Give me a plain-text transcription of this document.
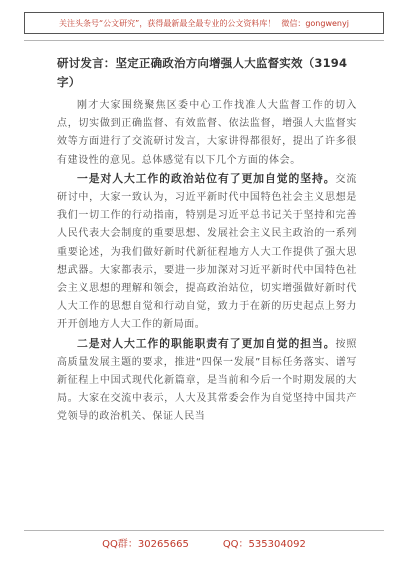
关注头条号“公文研究”，获得最新最全最专业的公文资料库！ 微信：gongwenyj
研讨发言：坚定正确政治方向增强人大监督实效（3194字）

刚才大家围绕聚焦区委中心工作找准人大监督工作的切入点，切实做到正确监督、有效监督、依法监督，增强人大监督实效等方面进行了交流研讨发言，大家讲得都很好，提出了许多很有建设性的意见。总体感觉有以下几个方面的体会。

一是对人大工作的政治站位有了更加自觉的坚持。交流研讨中，大家一致认为，习近平新时代中国特色社会主义思想是我们一切工作的行动指南，特别是习近平总书记关于坚持和完善人民代表大会制度的重要思想、发展社会主义民主政治的一系列重要论述，为我们做好新时代新征程地方人大工作提供了强大思想武器。大家都表示，要进一步加深对习近平新时代中国特色社会主义思想的理解和领会，提高政治站位，切实增强做好新时代人大工作的思想自觉和行动自觉，致力于在新的历史起点上努力开开创地方人大工作的新局面。

二是对人大工作的职能职责有了更加自觉的担当。按照高质量发展主题的要求，推进“四保一发展”目标任务落实、谱写新征程上中国式现代化新篇章，是当前和今后一个时期发展的大局。大家在交流中表示，人大及其常委会作为自觉坚持中国共产党领导的政治机关、保证人民当

QQ群：30265665	QQ：535304092
